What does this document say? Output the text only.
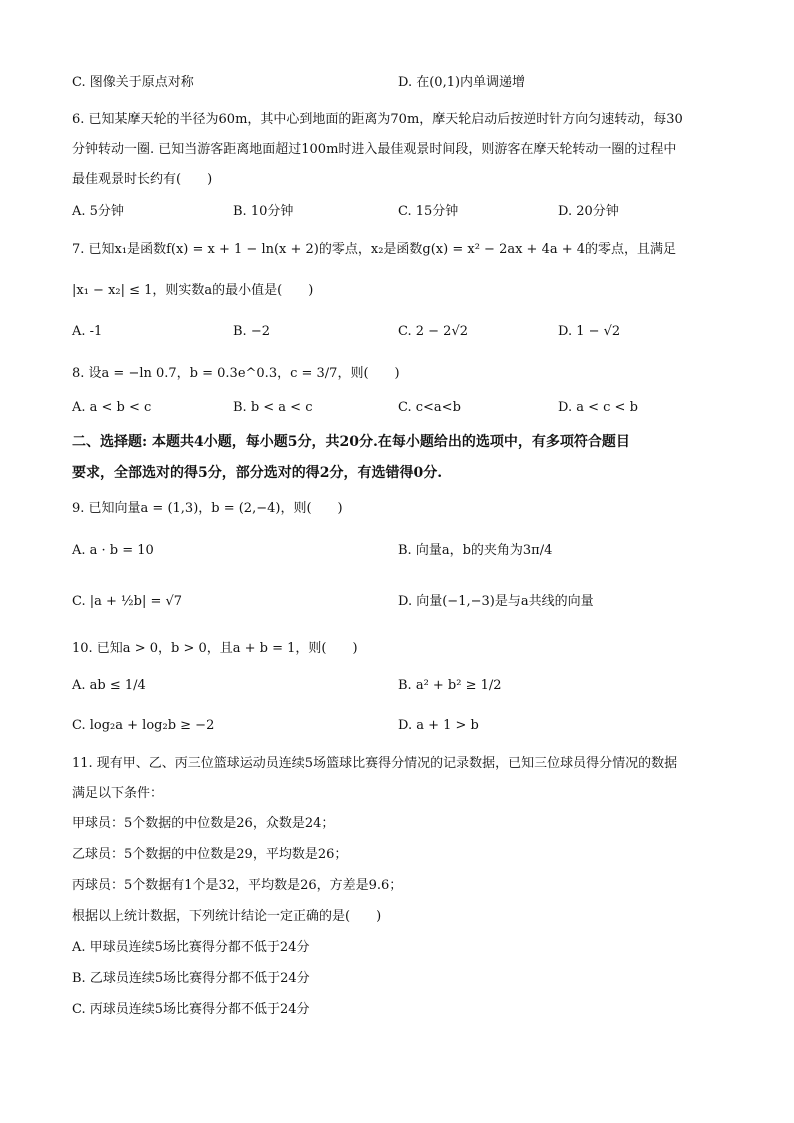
C. 图像关于原点对称	D. 在(0,1)内单调递增
6. 已知某摩天轮的半径为60m，其中心到地面的距离为70m，摩天轮启动后按逆时针方向匀速转动，每30
分钟转动一圈. 已知当游客距离地面超过100m时进入最佳观景时间段，则游客在摩天轮转动一圈的过程中
最佳观景时长约有(　　)
A. 5分钟	B. 10分钟	C. 15分钟	D. 20分钟
7. 已知x₁是函数f(x) = x + 1 − ln(x + 2)的零点，x₂是函数g(x) = x² − 2ax + 4a + 4的零点，且满足
|x₁ − x₂| ≤ 1，则实数a的最小值是(　　)
A. -1	B. −2	C. 2 − 2√2	D. 1 − √2
8. 设a = −ln 0.7，b = 0.3e^0.3，c = 3/7，则(　　)
A. a < b < c	B. b < a < c	C. c<a<b	D. a < c < b
二、选择题: 本题共4小题，每小题5分，共20分.在每小题给出的选项中，有多项符合题目
要求，全部选对的得5分，部分选对的得2分，有选错得0分.
9. 已知向量a = (1,3)，b = (2,−4)，则(　　)
A. a · b = 10	B. 向量a，b的夹角为3π/4
C. |a + ½b| = √7	D. 向量(−1,−3)是与a共线的向量
10. 已知a > 0，b > 0，且a + b = 1，则(　　)
A. ab ≤ 1/4	B. a² + b² ≥ 1/2
C. log₂a + log₂b ≥ −2	D. a + 1 > b
11. 现有甲、乙、丙三位篮球运动员连续5场篮球比赛得分情况的记录数据，已知三位球员得分情况的数据
满足以下条件：
甲球员：5个数据的中位数是26，众数是24；
乙球员：5个数据的中位数是29，平均数是26；
丙球员：5个数据有1个是32，平均数是26，方差是9.6；
根据以上统计数据，下列统计结论一定正确的是(　　)
A. 甲球员连续5场比赛得分都不低于24分
B. 乙球员连续5场比赛得分都不低于24分
C. 丙球员连续5场比赛得分都不低于24分
